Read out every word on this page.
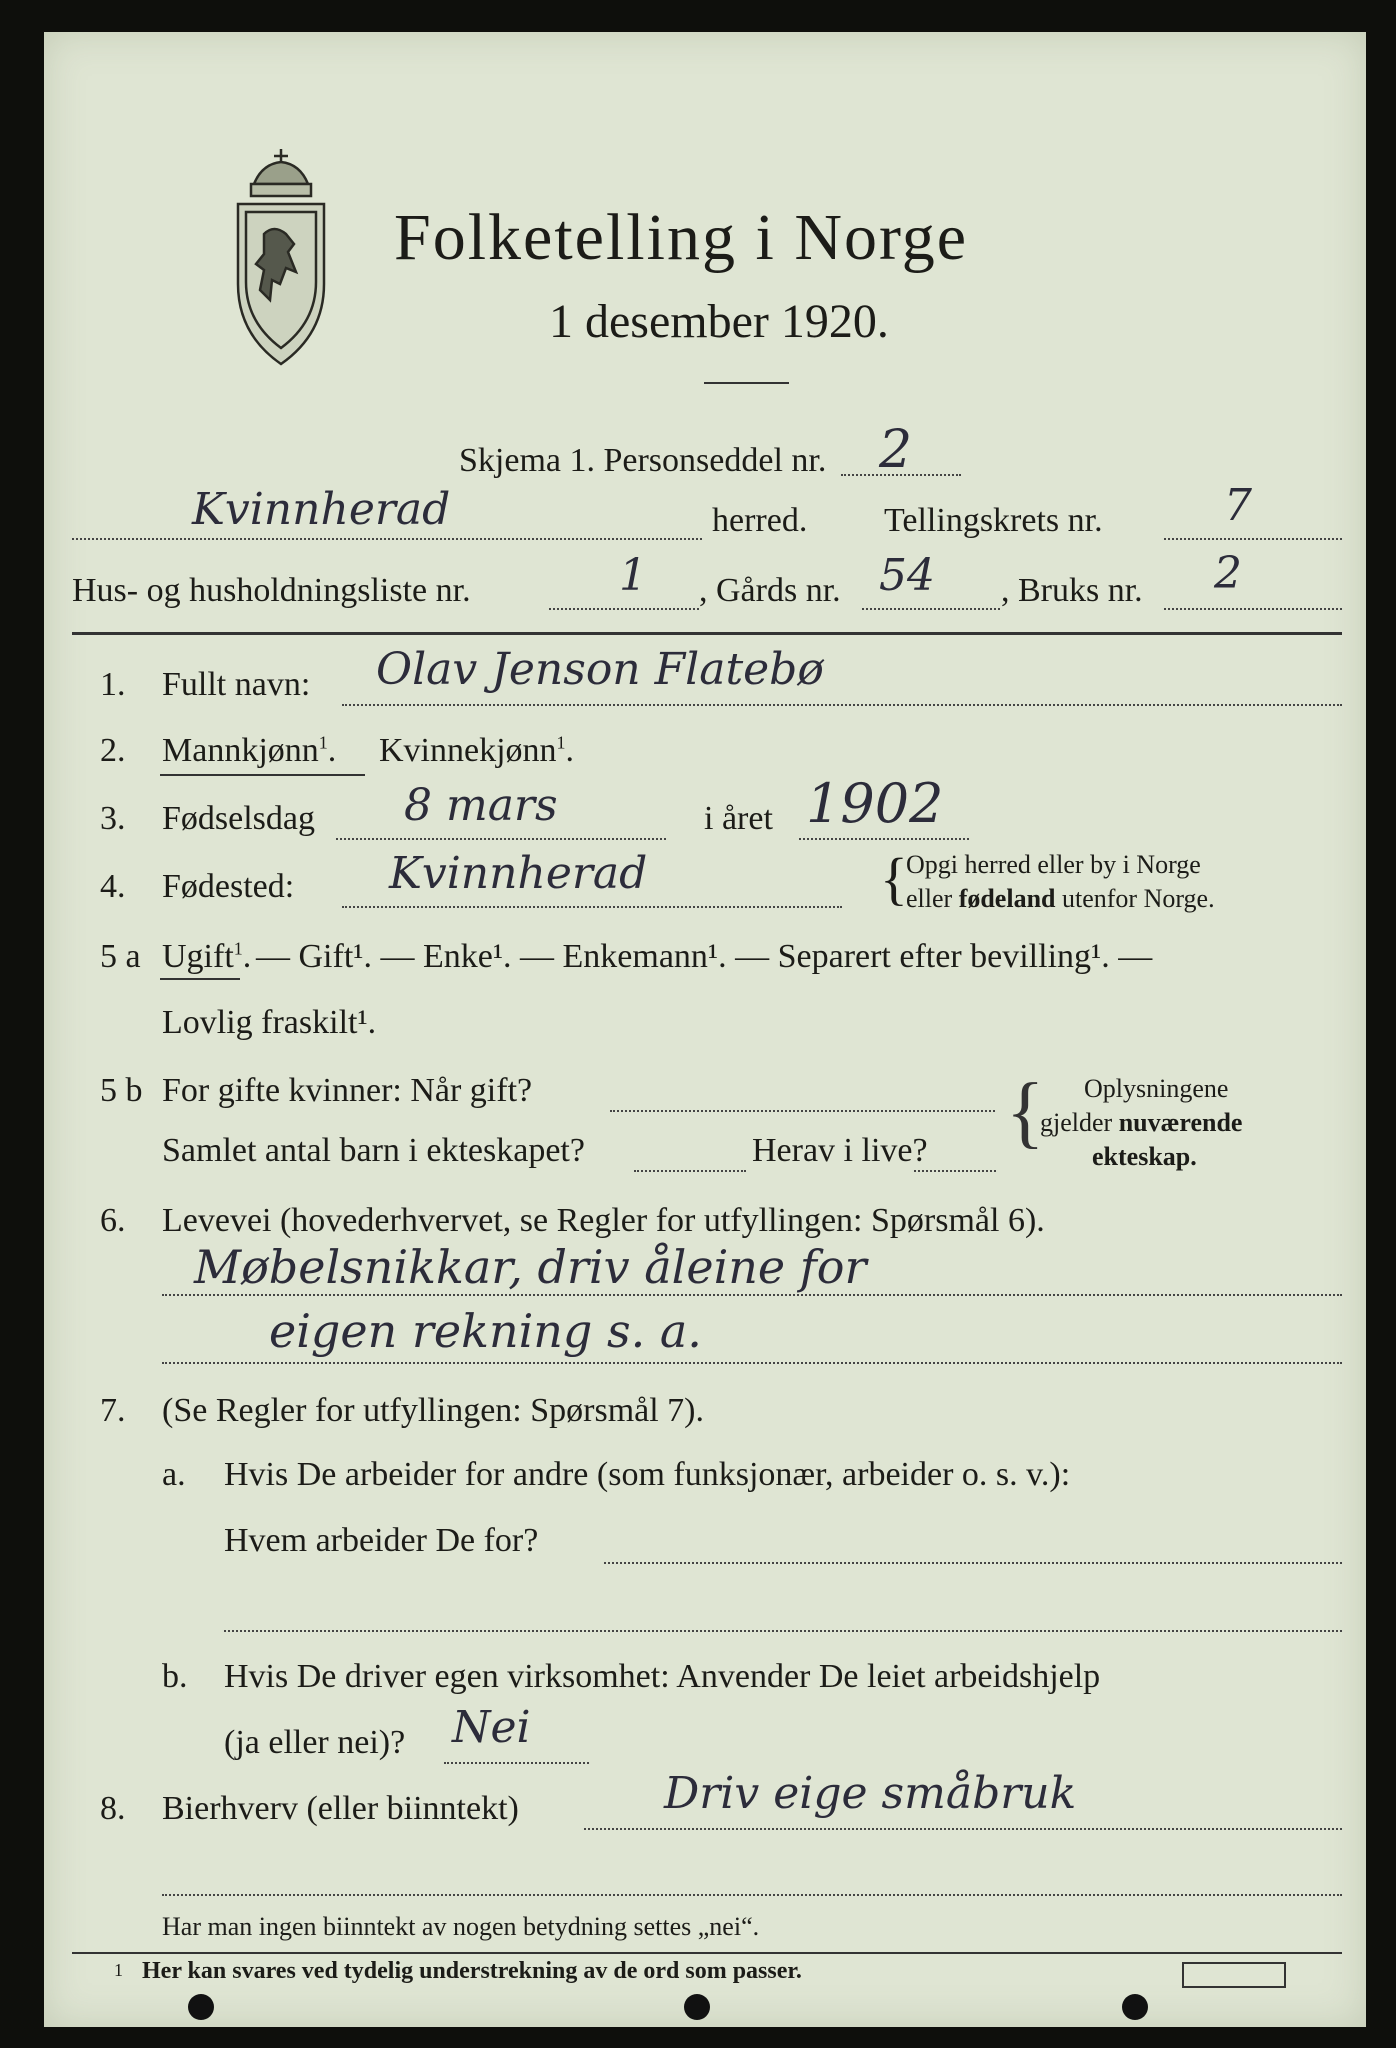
Folketelling i Norge
1 desember 1920.
Skjema 1. Personseddel nr. 2
Kvinnherad	herred. Tellingskrets nr.	7
Hus- og husholdningsliste nr.	1 , Gårds nr. 54 , Bruks nr. 2
1. Fullt navn: Olav Jenson Flatebø
2. Mannkjønn$^1$. Kvinnekjønn$^1$.
3. Fødselsdag 8 mars	i året 1902
4. Fødested: Kvinnherad	{
Opgi herred eller by i Norge
eller fødeland utenfor Norge.
5 a Ugift$^1$. — Gift¹. — Enke¹. — Enkemann¹. — Separert efter bevilling¹. —
Lovlig fraskilt¹.
5 b For gifte kvinner: Når gift?
Samlet antal barn i ekteskapet?	Herav i live? { Oplysningene
gjelder nuværende
ekteskap.
6. Levevei (hovederhvervet, se Regler for utfyllingen: Spørsmål 6).
Møbelsnikkar, driv åleine for
eigen rekning s. a.
7. (Se Regler for utfyllingen: Spørsmål 7).
a. Hvis De arbeider for andre (som funksjonær, arbeider o. s. v.):
Hvem arbeider De for?
b. Hvis De driver egen virksomhet: Anvender De leiet arbeidshjelp
(ja eller nei)? Nei
8. Bierhverv (eller biinntekt)	Driv eige småbruk
Har man ingen biinntekt av nogen betydning settes „nei“.
1 Her kan svares ved tydelig understrekning av de ord som passer.
